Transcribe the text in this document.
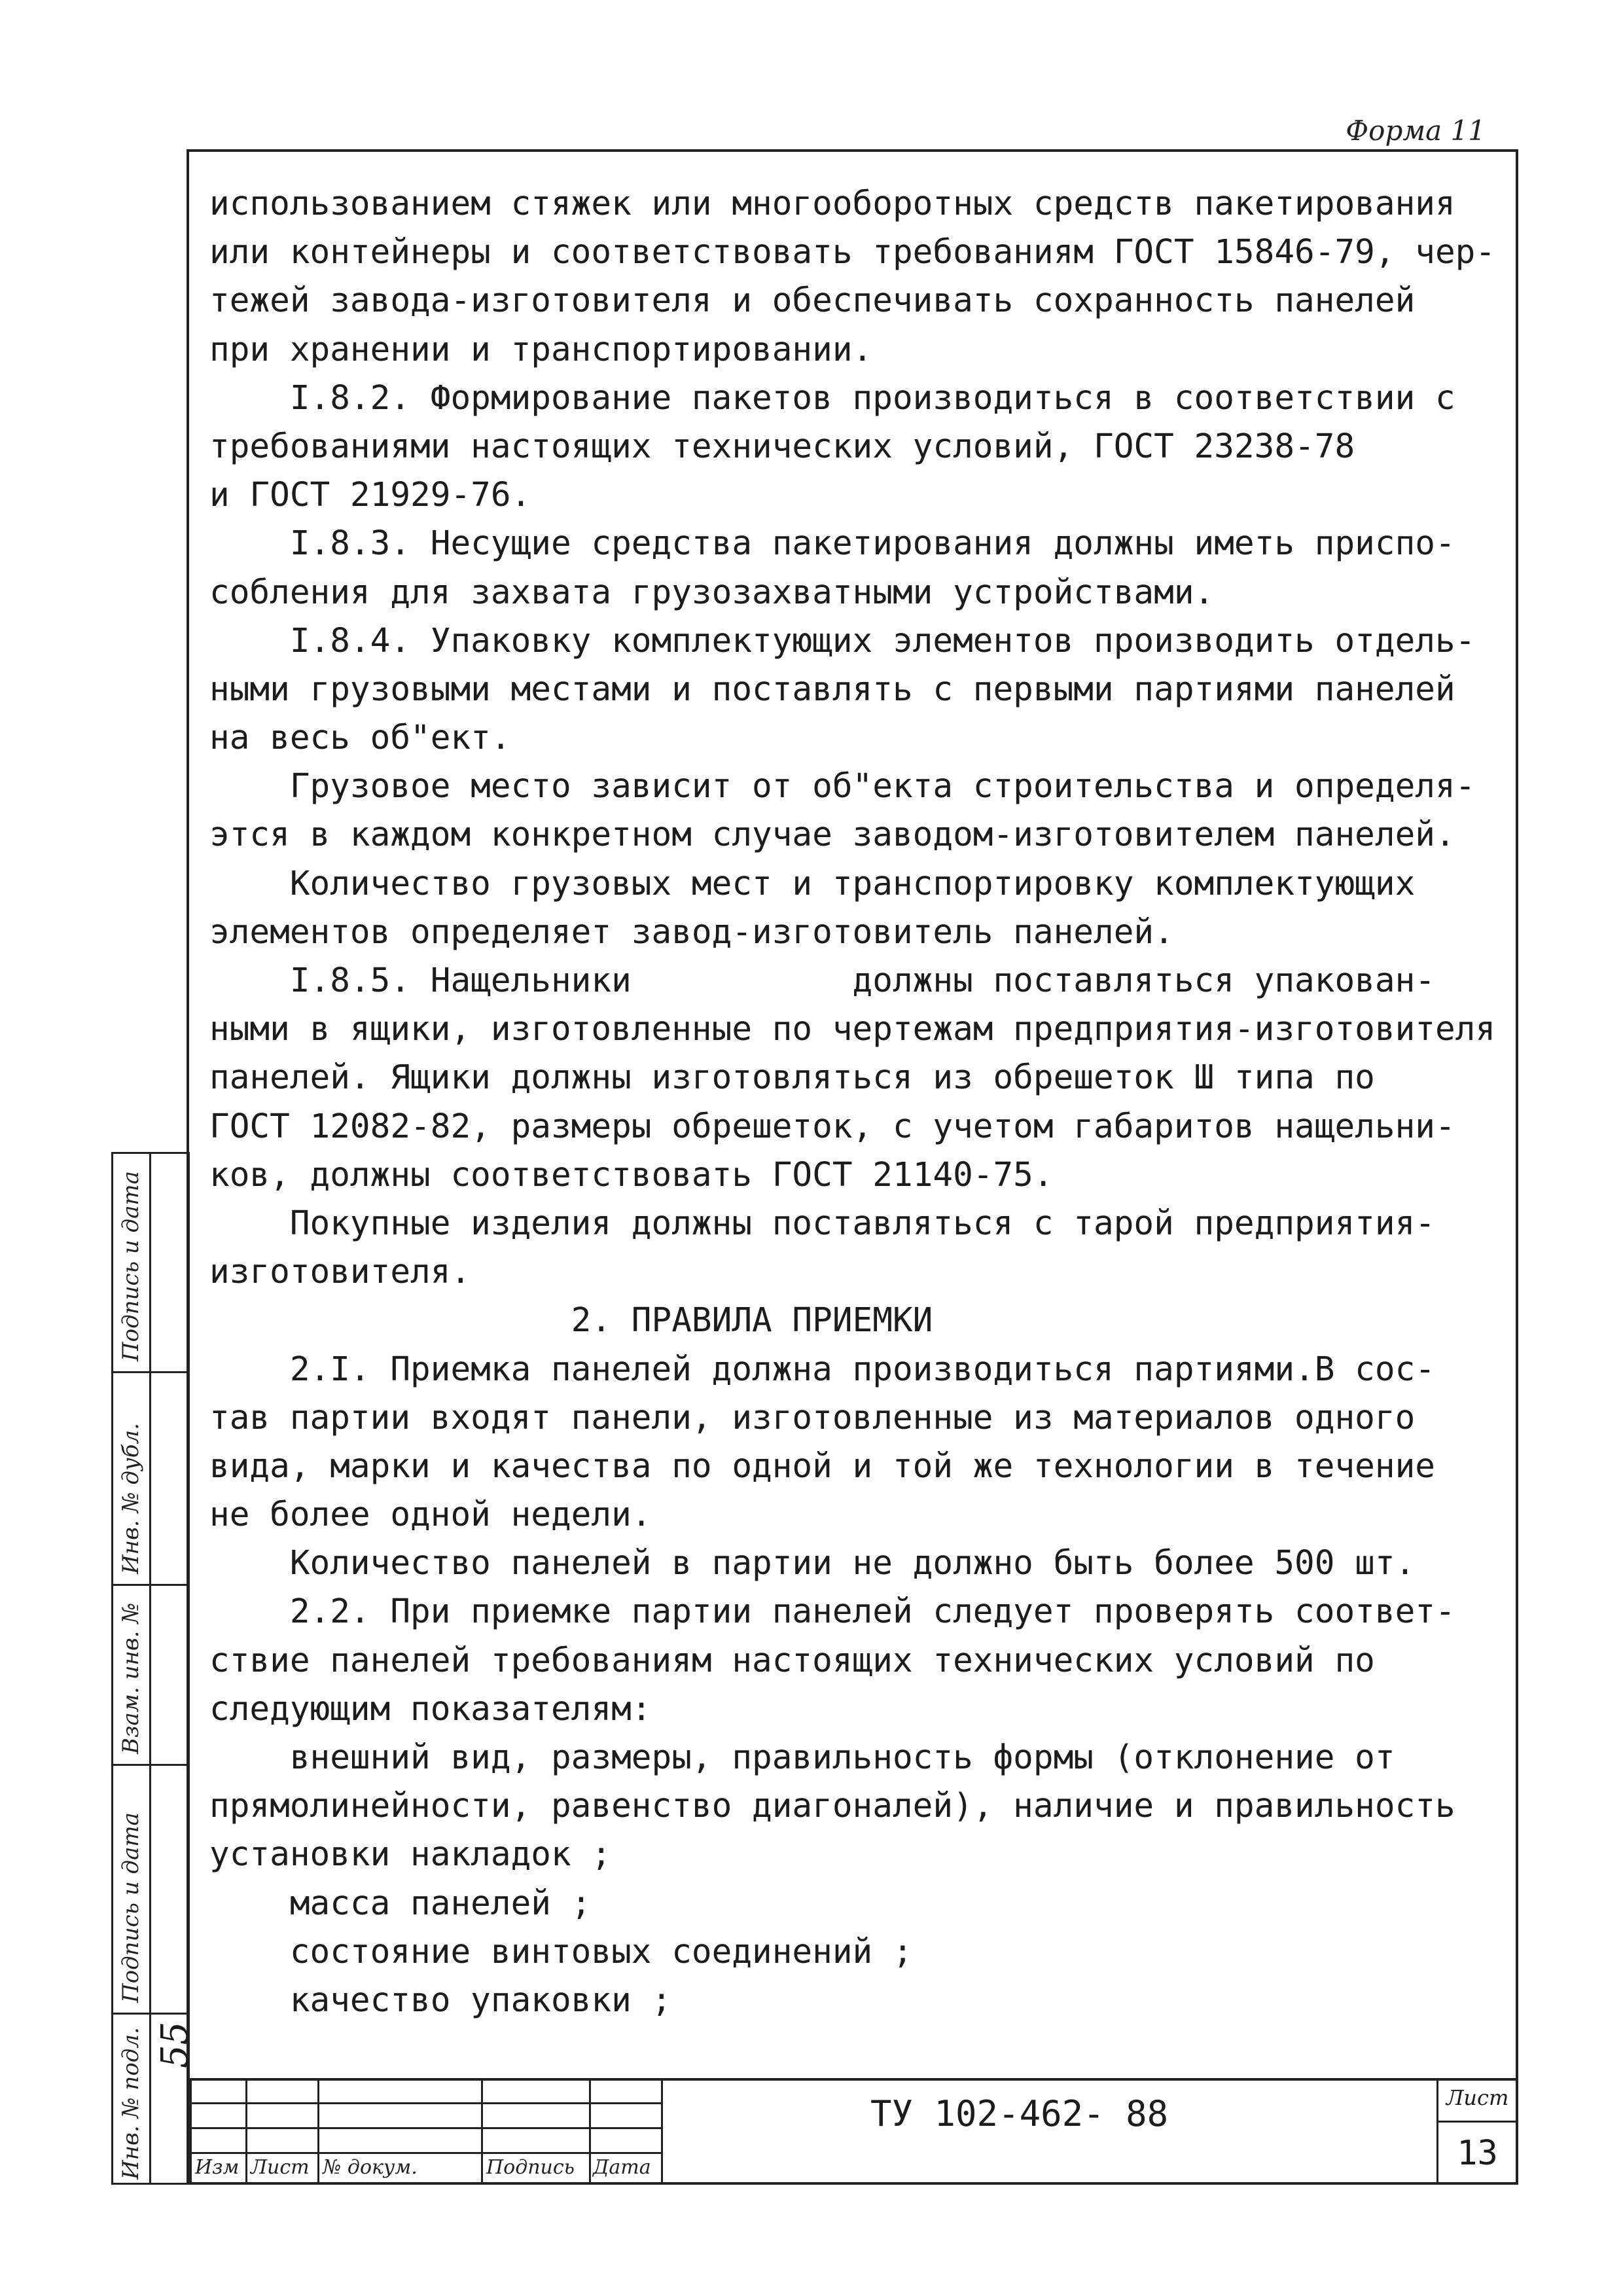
Форма 11
использованием стяжек или многооборотных средств пакетирования
или контейнеры и соответствовать требованиям ГОСТ 15846-79, чер-
тежей завода-изготовителя и обеспечивать сохранность панелей
при хранении и транспортировании.
I.8.2. Формирование пакетов производиться в соответствии с
требованиями настоящих технических условий, ГОСТ 23238-78
и ГОСТ 21929-76.
I.8.3. Несущие средства пакетирования должны иметь приспо-
собления для захвата грузозахватными устройствами.
I.8.4. Упаковку комплектующих элементов производить отдель-
ными грузовыми местами и поставлять с первыми партиями панелей
на весь об"ект.
Грузовое место зависит от об"екта строительства и определя-
этся в каждом конкретном случае заводом-изготовителем панелей.
Количество грузовых мест и транспортировку комплектующих
элементов определяет завод-изготовитель панелей.
I.8.5. Нащельники           должны поставляться упакован-
ными в ящики, изготовленные по чертежам предприятия-изготовителя
панелей. Ящики должны изготовляться из обрешеток Ш типа по
ГОСТ 12082-82, размеры обрешеток, с учетом габаритов нащельни-
ков, должны соответствовать ГОСТ 21140-75.
Покупные изделия должны поставляться с тарой предприятия-
изготовителя.
2. ПРАВИЛА ПРИЕМКИ
2.I. Приемка панелей должна производиться партиями.В сос-
тав партии входят панели, изготовленные из материалов одного
вида, марки и качества по одной и той же технологии в течение
не более одной недели.
Количество панелей в партии не должно быть более 500 шт.
2.2. При приемке партии панелей следует проверять соответ-
ствие панелей требованиям настоящих технических условий по
следующим показателям:
внешний вид, размеры, правильность формы (отклонение от
прямолинейности, равенство диагоналей), наличие и правильность
установки накладок ;
масса панелей ;
состояние винтовых соединений ;
качество упаковки ;
Изм Лист № докум.	Подпись Дата
ТУ 102-462- 88	Лист
13
Подпись и дата
Инв. № дубл.
Взам. инв. №
Подпись и дата
Инв. № подл. 55
